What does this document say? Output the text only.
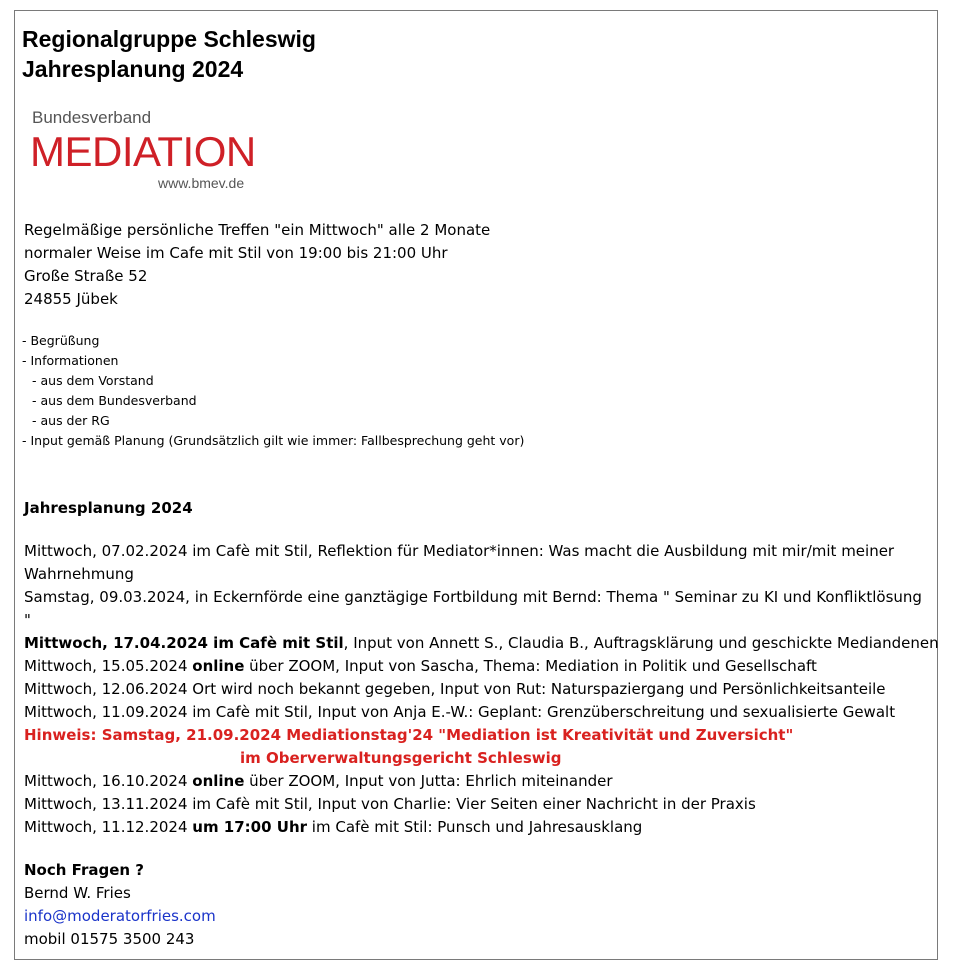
Regionalgruppe Schleswig
Jahresplanung 2024
Bundesverband
MEDIATION
www.bmev.de
Regelmäßige persönliche Treffen "ein Mittwoch" alle 2 Monate
normaler Weise im Cafe mit Stil von 19:00 bis 21:00 Uhr
Große Straße 52
24855 Jübek
- Begrüßung
- Informationen
- aus dem Vorstand
- aus dem Bundesverband
- aus der RG
- Input gemäß Planung (Grundsätzlich gilt wie immer: Fallbesprechung geht vor)
Jahresplanung 2024
Mittwoch, 07.02.2024 im Cafè mit Stil, Reflektion für Mediator*innen: Was macht die Ausbildung mit mir/mit meiner Wahrnehmung
Samstag, 09.03.2024, in Eckernförde eine ganztägige Fortbildung mit Bernd: Thema " Seminar zu KI und Konfliktlösung "
Mittwoch, 17.04.2024 im Cafè mit Stil, Input von Annett S., Claudia B., Auftragsklärung und geschickte Mediandenen
Mittwoch, 15.05.2024 online über ZOOM, Input von Sascha, Thema: Mediation in Politik und Gesellschaft
Mittwoch, 12.06.2024 Ort wird noch bekannt gegeben, Input von Rut: Naturspaziergang und Persönlichkeitsanteile
Mittwoch, 11.09.2024 im Cafè mit Stil, Input von Anja E.-W.: Geplant: Grenzüberschreitung und sexualisierte Gewalt
Hinweis: Samstag, 21.09.2024 Mediationstag'24 "Mediation ist Kreativität und Zuversicht"
im Oberverwaltungsgericht Schleswig
Mittwoch, 16.10.2024 online über ZOOM, Input von Jutta: Ehrlich miteinander
Mittwoch, 13.11.2024 im Cafè mit Stil, Input von Charlie: Vier Seiten einer Nachricht in der Praxis
Mittwoch, 11.12.2024 um 17:00 Uhr im Cafè mit Stil: Punsch und Jahresausklang
Noch Fragen ?
Bernd W. Fries
info@moderatorfries.com
mobil 01575 3500 243
